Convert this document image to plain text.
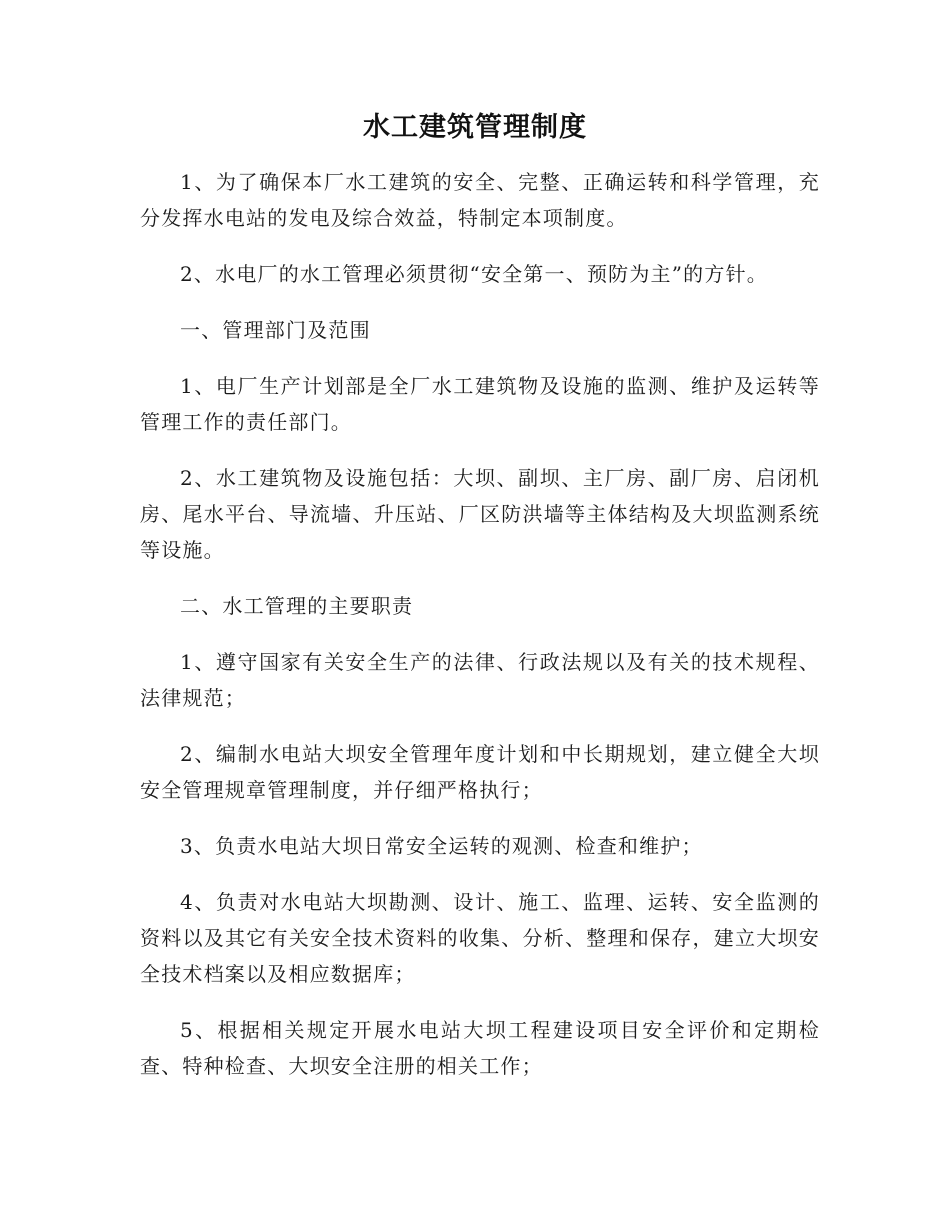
水工建筑管理制度

1、为了确保本厂水工建筑的安全、完整、正确运转和科学管理，充分发挥水电站的发电及综合效益，特制定本项制度。

2、水电厂的水工管理必须贯彻“安全第一、预防为主”的方针。

一、管理部门及范围

1、电厂生产计划部是全厂水工建筑物及设施的监测、维护及运转等管理工作的责任部门。

2、水工建筑物及设施包括：大坝、副坝、主厂房、副厂房、启闭机房、尾水平台、导流墙、升压站、厂区防洪墙等主体结构及大坝监测系统等设施。

二、水工管理的主要职责

1、遵守国家有关安全生产的法律、行政法规以及有关的技术规程、法律规范；

2、编制水电站大坝安全管理年度计划和中长期规划，建立健全大坝安全管理规章管理制度，并仔细严格执行；

3、负责水电站大坝日常安全运转的观测、检查和维护；

4、负责对水电站大坝勘测、设计、施工、监理、运转、安全监测的资料以及其它有关安全技术资料的收集、分析、整理和保存，建立大坝安全技术档案以及相应数据库；

5、根据相关规定开展水电站大坝工程建设项目安全评价和定期检查、特种检查、大坝安全注册的相关工作；
